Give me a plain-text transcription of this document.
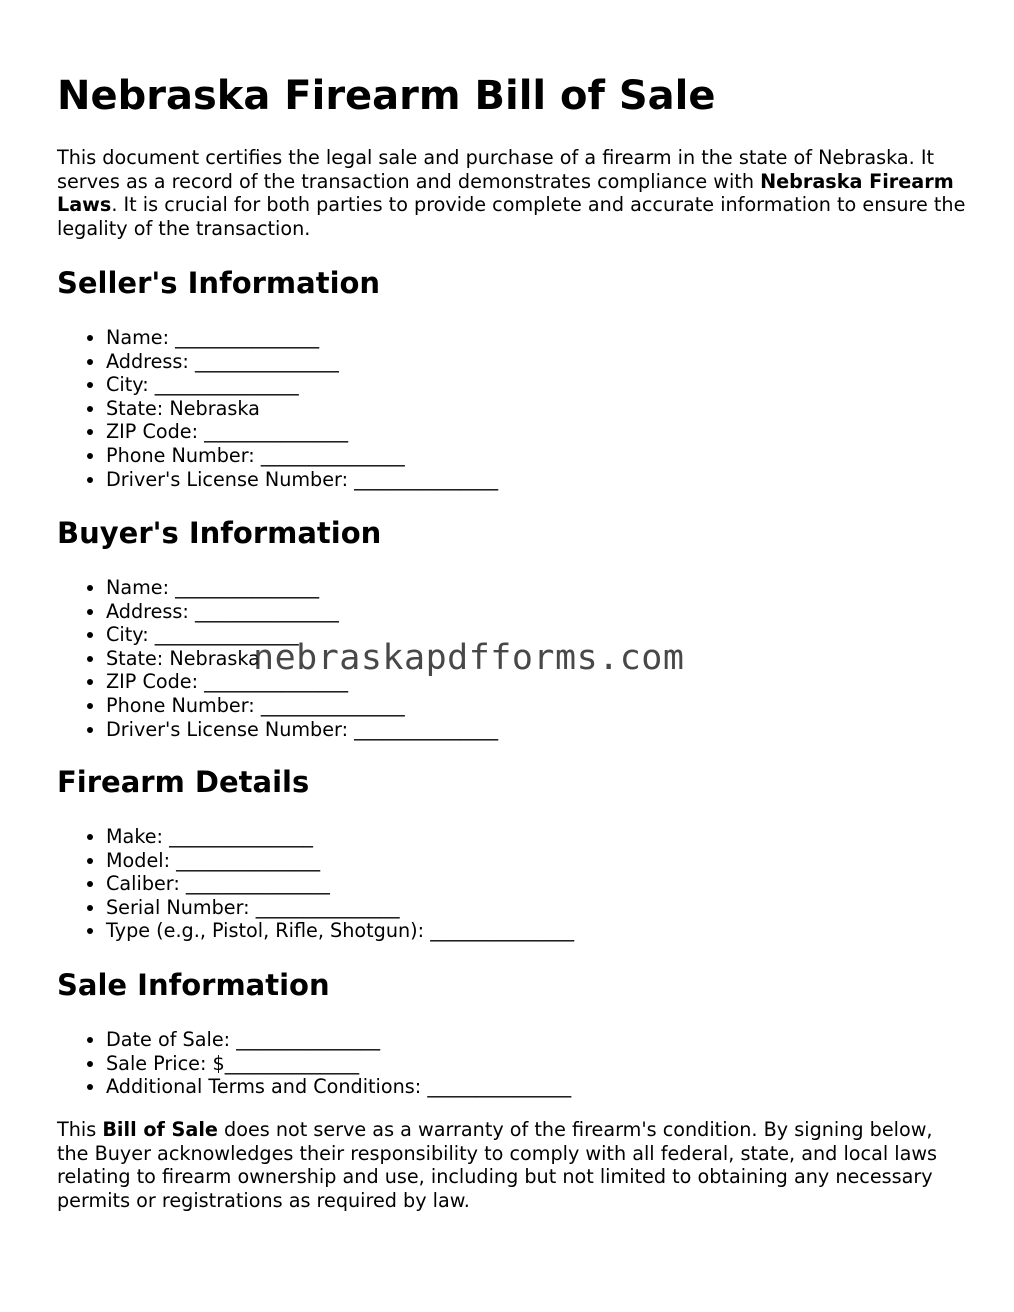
Nebraska Firearm Bill of Sale

This document certifies the legal sale and purchase of a firearm in the state of Nebraska. It serves as a record of the transaction and demonstrates compliance with Nebraska Firearm Laws. It is crucial for both parties to provide complete and accurate information to ensure the legality of the transaction.

Seller's Information
• Name: _______________
• Address: _______________
• City: _______________
• State: Nebraska
• ZIP Code: _______________
• Phone Number: _______________
• Driver's License Number: _______________
Buyer's Information
• Name: _______________
• Address: _______________
• City: _______________
• State: Nebraska
• ZIP Code: _______________
• Phone Number: _______________
• Driver's License Number: _______________
Firearm Details
• Make: _______________
• Model: _______________
• Caliber: _______________
• Serial Number: _______________
• Type (e.g., Pistol, Rifle, Shotgun): _______________
Sale Information
• Date of Sale: _______________
• Sale Price: $______________
• Additional Terms and Conditions: _______________

This Bill of Sale does not serve as a warranty of the firearm's condition. By signing below, the Buyer acknowledges their responsibility to comply with all federal, state, and local laws relating to firearm ownership and use, including but not limited to obtaining any necessary permits or registrations as required by law.

nebraskapdfforms.com
